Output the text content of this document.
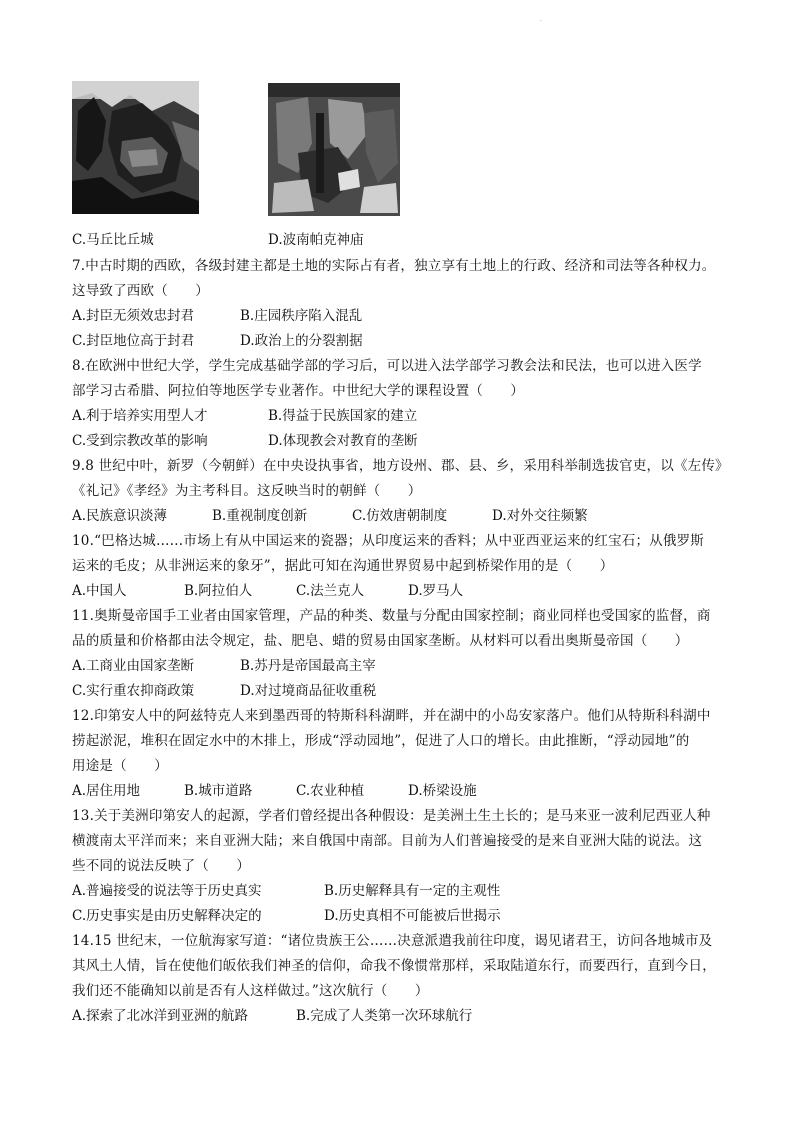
·
C.马丘比丘城	D.波南帕克神庙
7.中古时期的西欧，各级封建主都是土地的实际占有者，独立享有土地上的行政、经济和司法等各种权力。
这导致了西欧（　　）
A.封臣无须效忠封君	B.庄园秩序陷入混乱
C.封臣地位高于封君	D.政治上的分裂割据
8.在欧洲中世纪大学，学生完成基础学部的学习后，可以进入法学部学习教会法和民法，也可以进入医学
部学习古希腊、阿拉伯等地医学专业著作。中世纪大学的课程设置（　　）
A.利于培养实用型人才	B.得益于民族国家的建立
C.受到宗教改革的影响	D.体现教会对教育的垄断
9.8 世纪中叶，新罗（今朝鲜）在中央设执事省，地方设州、郡、县、乡，采用科举制选拔官吏，以《左传》
《礼记》《孝经》为主考科目。这反映当时的朝鲜（　　）
A.民族意识淡薄	B.重视制度创新	C.仿效唐朝制度	D.对外交往频繁
10.“巴格达城……市场上有从中国运来的瓷器；从印度运来的香料；从中亚西亚运来的红宝石；从俄罗斯
运来的毛皮；从非洲运来的象牙”，据此可知在沟通世界贸易中起到桥梁作用的是（　　）
A.中国人	B.阿拉伯人	C.法兰克人	D.罗马人
11.奥斯曼帝国手工业者由国家管理，产品的种类、数量与分配由国家控制；商业同样也受国家的监督，商
品的质量和价格都由法令规定，盐、肥皂、蜡的贸易由国家垄断。从材料可以看出奥斯曼帝国（　　）
A.工商业由国家垄断	B.苏丹是帝国最高主宰
C.实行重农抑商政策	D.对过境商品征收重税
12.印第安人中的阿兹特克人来到墨西哥的特斯科科湖畔，并在湖中的小岛安家落户。他们从特斯科科湖中
捞起淤泥，堆积在固定水中的木排上，形成“浮动园地”，促进了人口的增长。由此推断，“浮动园地”的
用途是（　　）
A.居住用地	B.城市道路	C.农业种植	D.桥梁设施
13.关于美洲印第安人的起源，学者们曾经提出各种假设：是美洲土生土长的；是马来亚一波利尼西亚人种
横渡南太平洋而来；来自亚洲大陆；来自俄国中南部。目前为人们普遍接受的是来自亚洲大陆的说法。这
些不同的说法反映了（　　）
A.普遍接受的说法等于历史真实	B.历史解释具有一定的主观性
C.历史事实是由历史解释决定的	D.历史真相不可能被后世揭示
14.15 世纪末，一位航海家写道：“诸位贵族王公……决意派遣我前往印度，谒见诸君王，访问各地城市及
其风土人情，旨在使他们皈依我们神圣的信仰，命我不像惯常那样，采取陆道东行，而要西行，直到今日，
我们还不能确知以前是否有人这样做过。”这次航行（　　）
A.探索了北冰洋到亚洲的航路	B.完成了人类第一次环球航行
